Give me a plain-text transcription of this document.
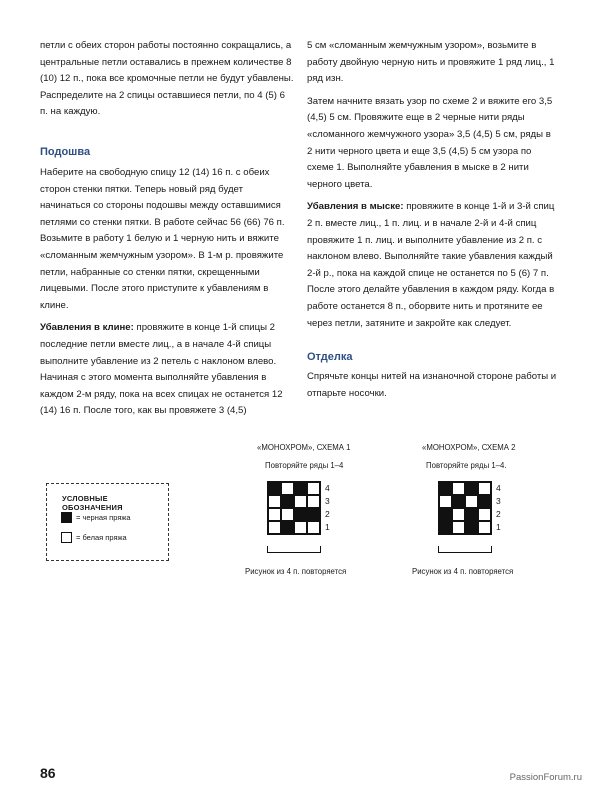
петли с обеих сторон работы постоянно сокращались, а центральные петли оставались в прежнем количестве 8 (10) 12 п., пока все кромочные петли не будут убавлены. Распределите на 2 спицы оставшиеся петли, по 4 (5) 6 п. на каждую.

Подошва

Наберите на свободную спицу 12 (14) 16 п. с обеих сторон стенки пятки. Теперь новый ряд будет начинаться со стороны подошвы между оставшимися петлями со стенки пятки. В работе сейчас 56 (66) 76 п. Возьмите в работу 1 белую и 1 черную нить и вяжите «сломанным жемчужным узором». В 1-м р. провяжите петли, набранные со стенки пятки, скрещенными лицевыми. После этого приступите к убавлениям в клине.

Убавления в клине: провяжите в конце 1-й спицы 2 последние петли вместе лиц., а в начале 4-й спицы выполните убавление из 2 петель с наклоном влево. Начиная с этого момента выполняйте убавления в каждом 2-м ряду, пока на всех спицах не останется 12 (14) 16 п. После того, как вы провяжете 3 (4,5)

5 см «сломанным жемчужным узором», возьмите в работу двойную черную нить и провяжите 1 ряд лиц., 1 ряд изн.

Затем начните вязать узор по схеме 2 и вяжите его 3,5 (4,5) 5 см. Провяжите еще в 2 черные нити ряды «сломанного жемчужного узора» 3,5 (4,5) 5 см, ряды в 2 нити черного цвета и еще 3,5 (4,5) 5 см узора по схеме 1. Выполняйте убавления в мыске в 2 нити черного цвета.

Убавления в мыске: провяжите в конце 1-й и 3-й спиц 2 п. вместе лиц., 1 п. лиц. и в начале 2-й и 4-й спиц провяжите 1 п. лиц. и выполните убавление из 2 п. с наклоном влево. Выполняйте такие убавления каждый 2-й р., пока на каждой спице не останется по 5 (6) 7 п. После этого делайте убавления в каждом ряду. Когда в работе останется 8 п., оборвите нить и протяните ее через петли, затяните и закройте как следует.

Отделка

Спрячьте концы нитей на изнаночной стороне работы и отпарьте носочки.

УСЛОВНЫЕ ОБОЗНАЧЕНИЯ
= черная пряжа
= белая пряжа
«МОНОХРОМ», СХЕМА 1
Повторяйте ряды 1–4
4
3
2
1
Рисунок из 4 п. повторяется
«МОНОХРОМ», СХЕМА 2
Повторяйте ряды 1–4.
4
3
2
1
Рисунок из 4 п. повторяется
86	PassionForum.ru
